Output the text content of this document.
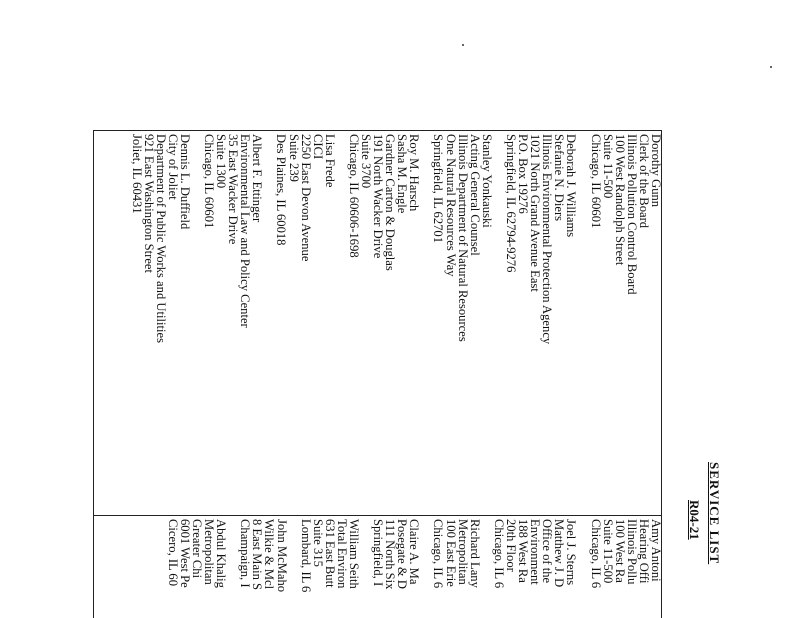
SERVICE LIST
R04-21
Dorothy Gunn
Clerk of the Board
Illinois Pollution Control Board
100 West Randolph Street
Suite 11-500
Chicago, IL 60601
Deborah J. Williams
Stefanie N. Diers
Illinois Environmental Protection Agency
1021 North Grand Avenue East
P.O. Box 19276
Springfield, IL 62794-9276
Stanley Yonkauski
Acting General Counsel
Illinois Department of Natural Resources
One Natural Resources Way
Springfield, IL 62701
Roy M. Harsch
Sasha M. Engle
Gardner Carton & Douglas
191 North Wacker Drive
Suite 3700
Chicago, IL 60606-1698
Lisa Frede
CICI
2250 East Devon Avenue
Suite 239
Des Plaines, IL 60018
Albert F. Ettinger
Environmental Law and Policy Center
35 East Wacker Drive
Suite 1300
Chicago, IL 60601
Dennis L. Duffield
City of Joliet
Department of Public Works and Utilities
921 East Washington Street
Joliet, IL 60431
Amy Antoni
Hearing Offi
Illinois Pollu
100 West Ra
Suite 11-500
Chicago, IL 6
Joel J. Sterns
Matthew J. D
Office of the
Environment
188 West Ra
20th Floor
Chicago, IL 6
Richard Lany
Metropolitan
100 East Erie
Chicago, IL 6
Claire A. Ma
Posegate & D
111 North Six
Springfield, I
William Seith
Total Environ
631 East Butt
Suite 315
Lombard, IL 6
John McMaho
Wilkie & Mcl
8 East Main S
Champaign, I
Abdul Khalig
Metropolitan
Greater Chi
6001 West Pe
Cicero, IL 60
